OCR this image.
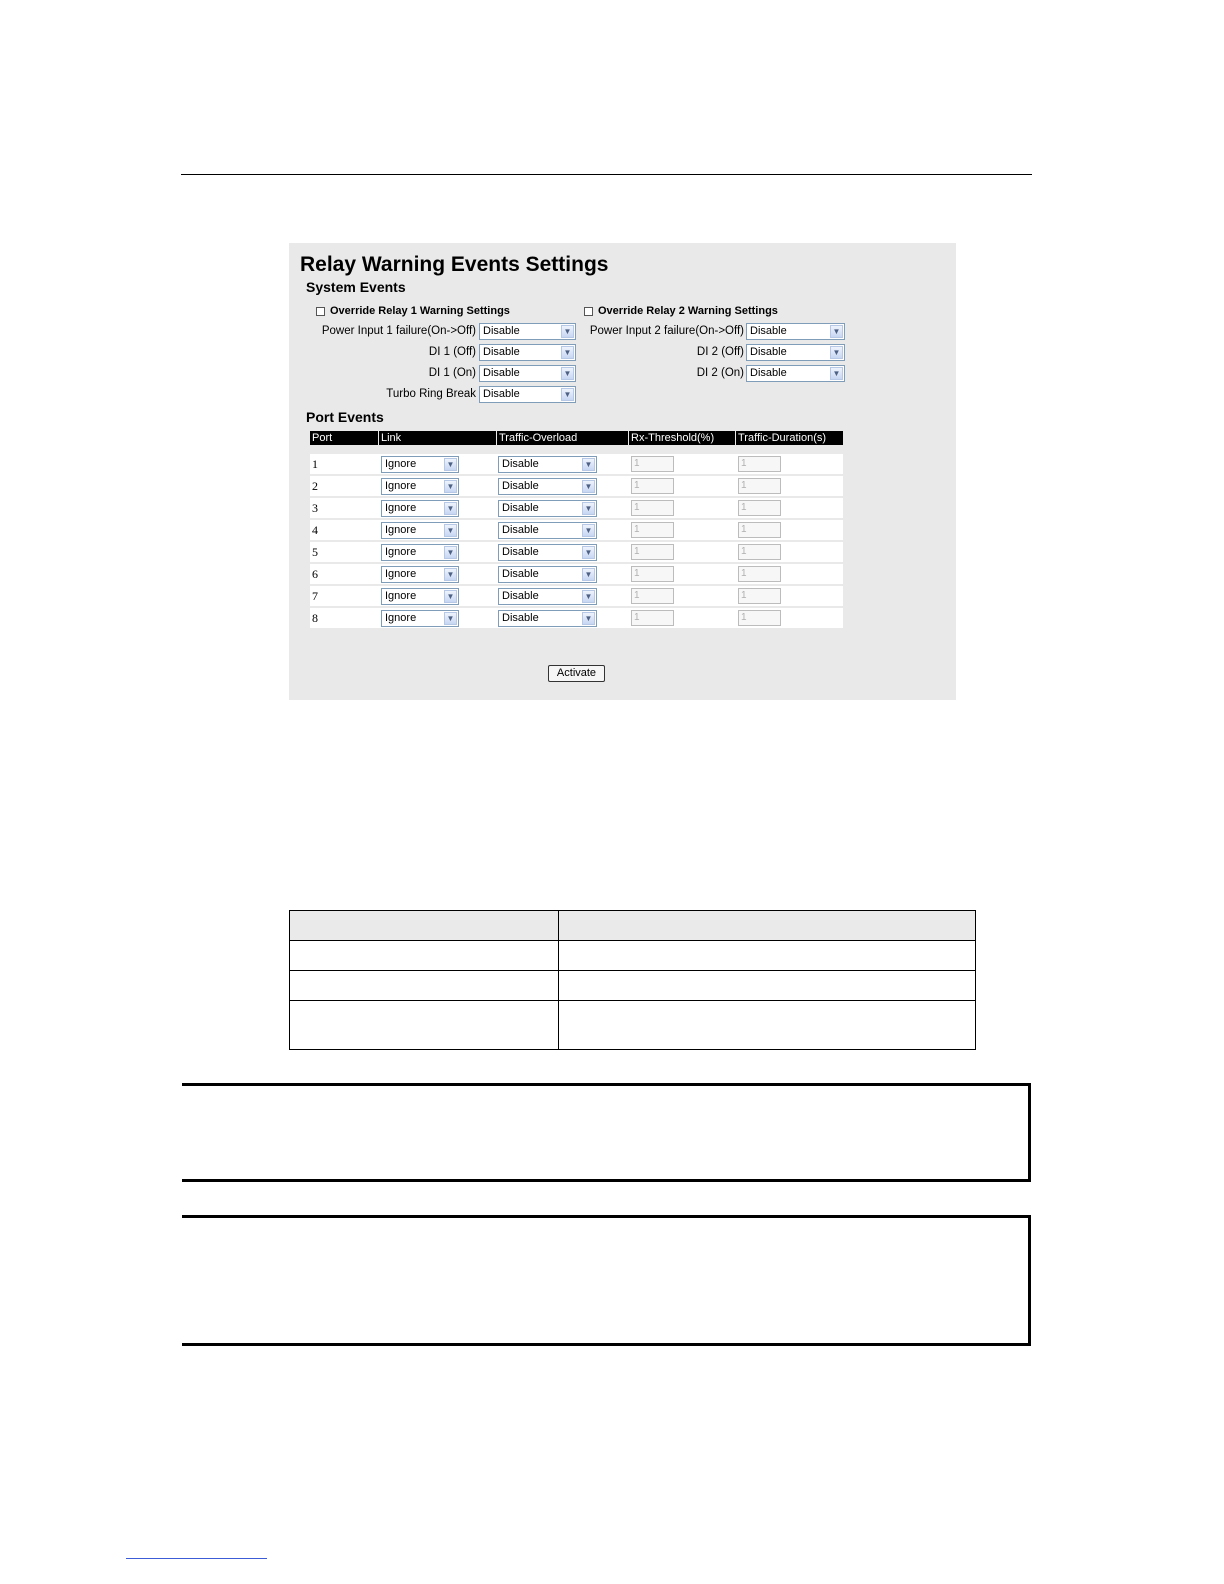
Relay Warning Events Settings
System Events
Override Relay 1 Warning Settings
Power Input 1 failure(On->Off) Disable	▼
DI 1 (Off) Disable	▼
DI 1 (On) Disable	▼
Turbo Ring Break Disable	▼
Override Relay 2 Warning Settings
Power Input 2 failure(On->Off) Disable	▼
DI 2 (Off) Disable	▼
DI 2 (On) Disable	▼
Port Events
Port	Link	Traffic-Overload	Rx-Threshold(%)	Traffic-Duration(s)
1	Ignore	▼	Disable	▼	1	1
2	Ignore	▼	Disable	▼	1	1
3	Ignore	▼	Disable	▼	1	1
4	Ignore	▼	Disable	▼	1	1
5	Ignore	▼	Disable	▼	1	1
6	Ignore	▼	Disable	▼	1	1
7	Ignore	▼	Disable	▼	1	1
8	Ignore	▼	Disable	▼	1	1
Activate
